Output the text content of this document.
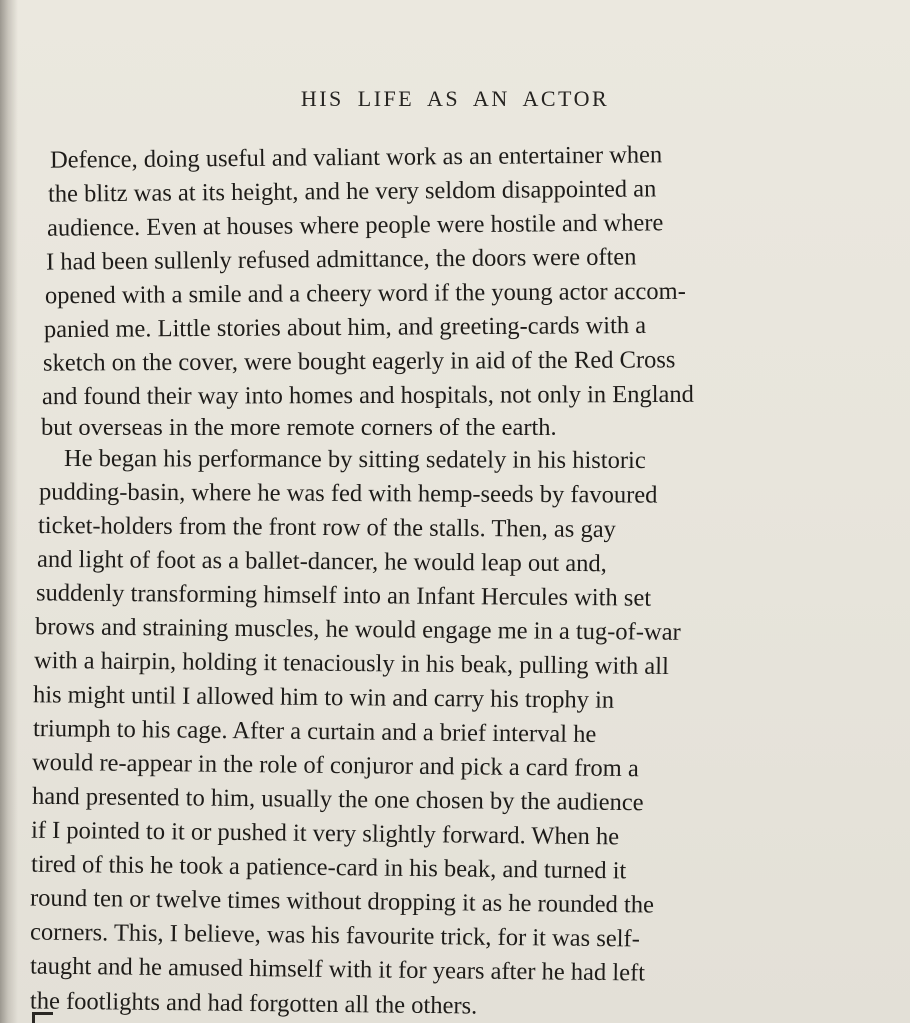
HIS LIFE AS AN ACTOR

Defence, doing useful and valiant work as an entertainer when

the blitz was at its height, and he very seldom disappointed an

audience. Even at houses where people were hostile and where

I had been sullenly refused admittance, the doors were often

opened with a smile and a cheery word if the young actor accom-

panied me. Little stories about him, and greeting-cards with a

sketch on the cover, were bought eagerly in aid of the Red Cross

and found their way into homes and hospitals, not only in England

but overseas in the more remote corners of the earth.

He began his performance by sitting sedately in his historic

pudding-basin, where he was fed with hemp-seeds by favoured

ticket-holders from the front row of the stalls. Then, as gay

and light of foot as a ballet-dancer, he would leap out and,

suddenly transforming himself into an Infant Hercules with set

brows and straining muscles, he would engage me in a tug-of-war

with a hairpin, holding it tenaciously in his beak, pulling with all

his might until I allowed him to win and carry his trophy in

triumph to his cage. After a curtain and a brief interval he

would re-appear in the role of conjuror and pick a card from a

hand presented to him, usually the one chosen by the audience

if I pointed to it or pushed it very slightly forward. When he

tired of this he took a patience-card in his beak, and turned it

round ten or twelve times without dropping it as he rounded the

corners. This, I believe, was his favourite trick, for it was self-

taught and he amused himself with it for years after he had left

the footlights and had forgotten all the others.
